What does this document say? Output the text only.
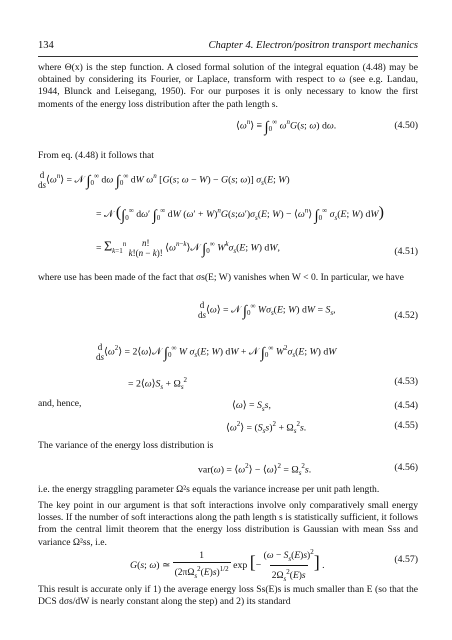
134	Chapter 4. Electron/positron transport mechanics
where Θ(x) is the step function. A closed formal solution of the integral equation (4.48) may be obtained by considering its Fourier, or Laplace, transform with respect to ω (see e.g. Landau, 1944, Blunck and Leisegang, 1950). For our purposes it is only necessary to know the first moments of the energy loss distribution after the path length s.
$⟨\omega^n⟩ \equiv \int_0^\infty$ $\omega^nG(s$; ω) dω.	(4.50)
From eq. (4.48) it follows that
d
$ds⟨\omega^n⟩$ = 𝒩 $\int_0^\infty$ dω $\int_0^\infty$ dW $\omega^n$ [G(s; ω − W) − G(s; ω)] $\sigma_s(E$; W)
= 𝒩 ($\int_0^\infty$ dω′ $\int_0^\infty$ dW $(\omega' + W)^nG(s;\omega')\sigma_s(E$; $W) - ⟨\omega^n⟩$ $\int_0^\infty$ $\sigma_s(E$; W) dW)
= $\Sigma_{k=1}^n$ n!
k!(n − k)! $⟨\omega^{n-k}⟩𝒩$ $\int_0^\infty$ $W^k\sigma_s(E$; W) dW,	(4.51)
where use has been made of the fact that σs(E; W) vanishes when W < 0. In particular, we have
d
ds⟨ω⟩ = 𝒩 $\int_0^\infty$ $W\sigma_s(E$; W) dW = $S_s$,
(4.52)
d
$ds⟨\omega^2⟩$ = 2⟨ω⟩𝒩 $\int_0^\infty$ W $\sigma_s(E$; W) dW + 𝒩 $\int_0^\infty$ $W^2\sigma_s(E$; W) dW
= $2⟨\omega⟩S_s + \Omega_s^2$	(4.53)
and, hence,	⟨ω⟩ = $S_ss$,	(4.54)
$⟨\omega^2⟩ = (S_ss)^2 + \Omega_s^2s$.	(4.55)
The variance of the energy loss distribution is
$var(\omega) = ⟨\omega^2⟩$ − ⟨ω⟩$^2$ = $\Omega_s^2s$.	(4.56)
i.e. the energy straggling parameter Ω²s equals the variance increase per unit path length.
The key point in our argument is that soft interactions involve only comparatively small energy losses. If the number of soft interactions along the path length s is statistically sufficient, it follows from the central limit theorem that the energy loss distribution is Gaussian with mean Sss and variance Ω²ss, i.e.
G(s; ω) ≃ 1
$(2\pi\Omega_s^2(E)s)^{1/2}$ exp [− $(\omega - S_s(E)s)^2$
$2\Omega_s^2(E)s$] .
(4.57)
This result is accurate only if 1) the average energy loss Ss(E)s is much smaller than E (so that the DCS dσs/dW is nearly constant along the step) and 2) its standard
